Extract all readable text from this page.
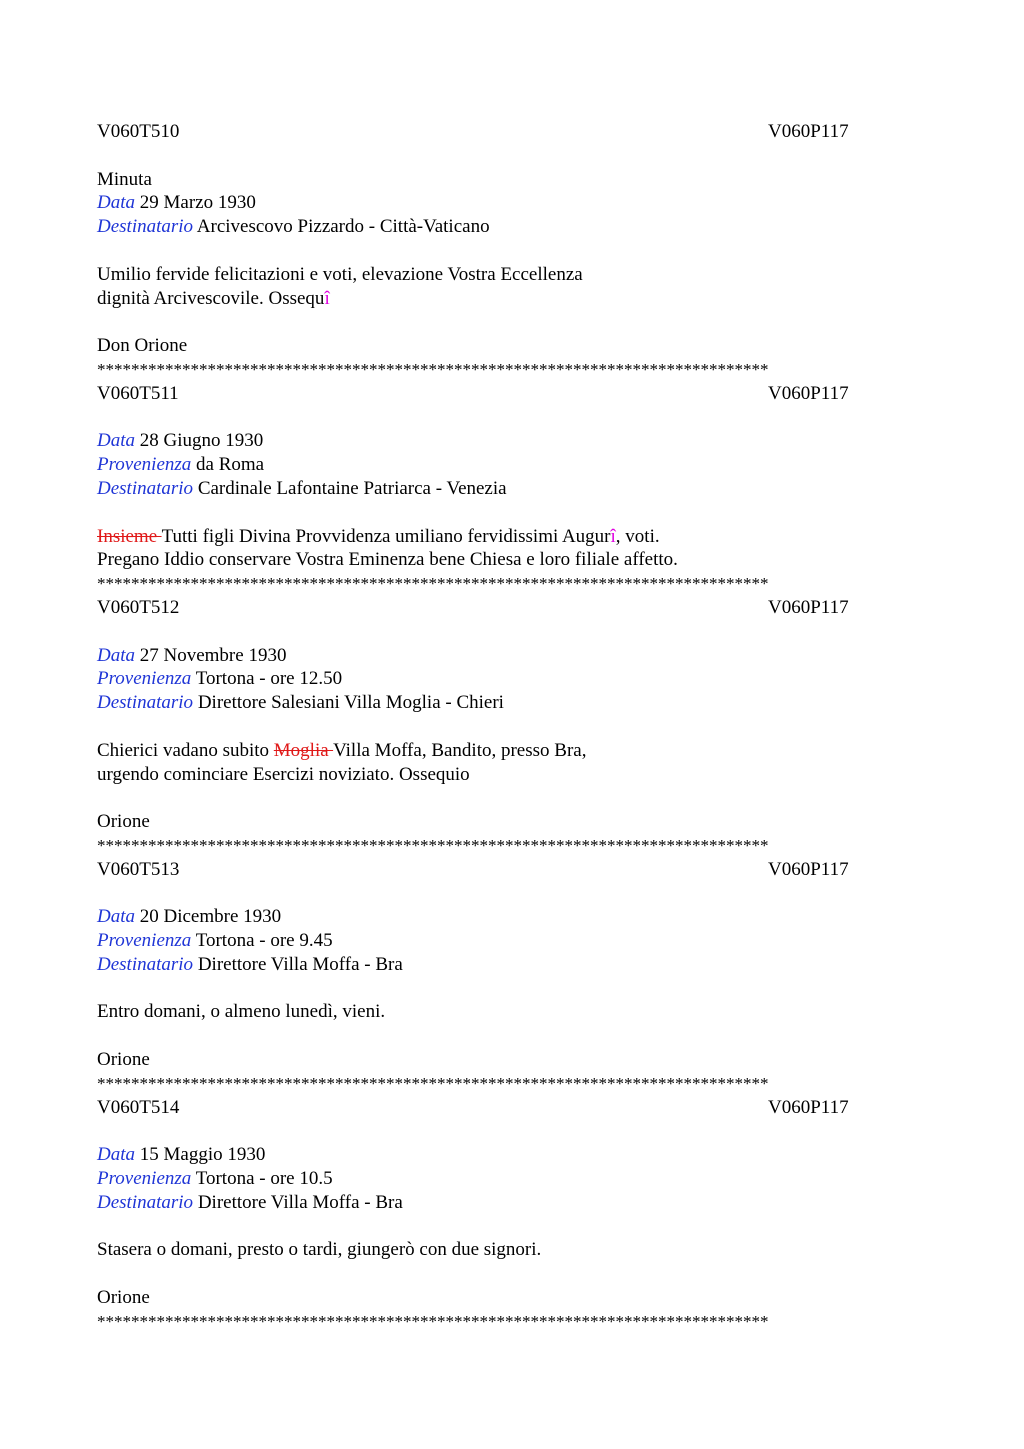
V060T510

	V060P117

Minuta
Data 29 Marzo 1930
Destinatario Arcivescovo Pizzardo - Città-Vaticano
Umilio fervide felicitazioni e voti, elevazione Vostra Eccellenza
dignità Arcivescovile. Ossequî
Don Orione
*******************************************************************************

V060T511

	V060P117

Data 28 Giugno 1930
Provenienza da Roma
Destinatario Cardinale Lafontaine Patriarca - Venezia
Insieme Tutti figli Divina Provvidenza umiliano fervidissimi Augurî, voti.
Pregano Iddio conservare Vostra Eminenza bene Chiesa e loro filiale affetto.
*******************************************************************************

V060T512

	V060P117

Data 27 Novembre 1930
Provenienza Tortona - ore 12.50
Destinatario Direttore Salesiani Villa Moglia - Chieri
Chierici vadano subito Moglia Villa Moffa, Bandito, presso Bra,
urgendo cominciare Esercizi noviziato. Ossequio
Orione
*******************************************************************************

V060T513

	V060P117

Data 20 Dicembre 1930
Provenienza Tortona - ore 9.45
Destinatario Direttore Villa Moffa - Bra
Entro domani, o almeno lunedì, vieni.
Orione
*******************************************************************************

V060T514

	V060P117

Data 15 Maggio 1930
Provenienza Tortona - ore 10.5
Destinatario Direttore Villa Moffa - Bra
Stasera o domani, presto o tardi, giungerò con due signori.
Orione
*******************************************************************************
